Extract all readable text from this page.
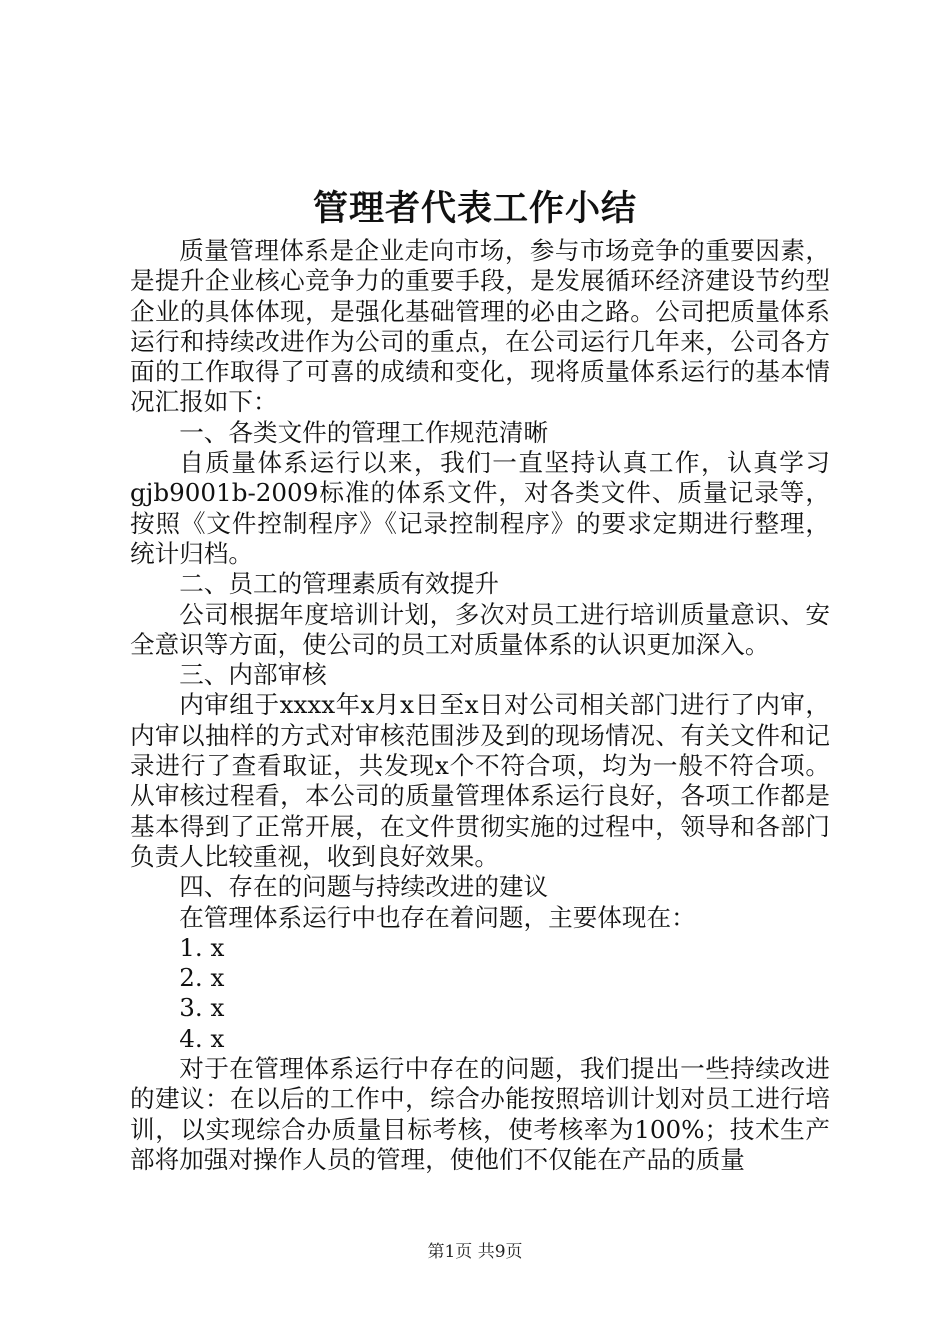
管理者代表工作小结

质量管理体系是企业走向市场，参与市场竞争的重要因素，是提升企业核心竞争力的重要手段，是发展循环经济建设节约型企业的具体体现，是强化基础管理的必由之路。公司把质量体系运行和持续改进作为公司的重点，在公司运行几年来，公司各方面的工作取得了可喜的成绩和变化，现将质量体系运行的基本情况汇报如下：

一、各类文件的管理工作规范清晰

自质量体系运行以来，我们一直坚持认真工作，认真学习gjb9001b-2009标准的体系文件，对各类文件、质量记录等，按照《文件控制程序》《记录控制程序》的要求定期进行整理，统计归档。

二、员工的管理素质有效提升

公司根据年度培训计划，多次对员工进行培训质量意识、安全意识等方面，使公司的员工对质量体系的认识更加深入。

三、内部审核

内审组于xxxx年x月x日至x日对公司相关部门进行了内审，内审以抽样的方式对审核范围涉及到的现场情况、有关文件和记录进行了查看取证，共发现x个不符合项，均为一般不符合项。从审核过程看，本公司的质量管理体系运行良好，各项工作都是基本得到了正常开展，在文件贯彻实施的过程中，领导和各部门负责人比较重视，收到良好效果。

四、存在的问题与持续改进的建议

在管理体系运行中也存在着问题，主要体现在：

1. x

2. x

3. x

4. x

对于在管理体系运行中存在的问题，我们提出一些持续改进的建议：在以后的工作中，综合办能按照培训计划对员工进行培训，以实现综合办质量目标考核，使考核率为100%；技术生产部将加强对操作人员的管理，使他们不仅能在产品的质量

第1页 共9页
